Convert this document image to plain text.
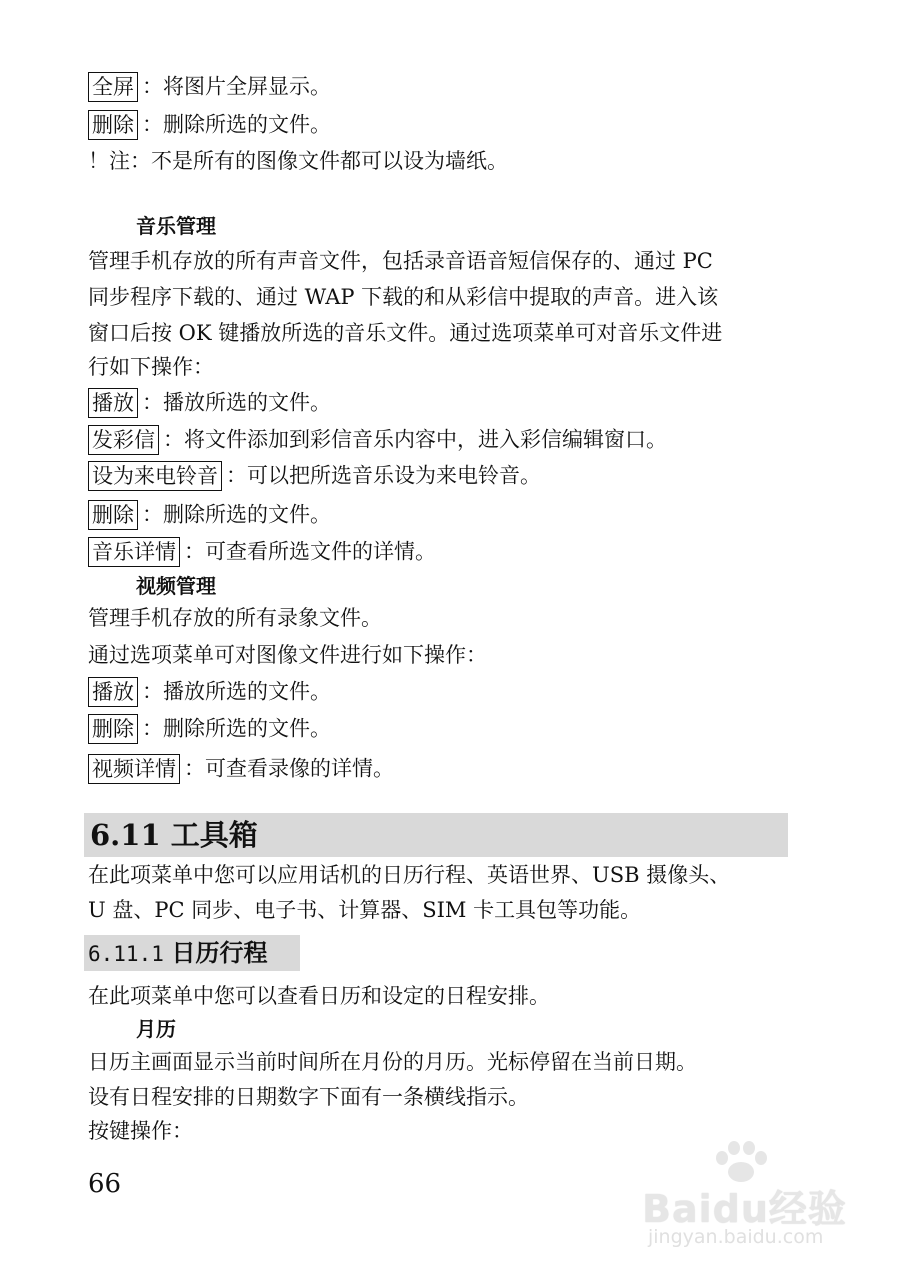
全屏 ：将图片全屏显示。
删除 ：删除所选的文件。
！注：不是所有的图像文件都可以设为墙纸。
音乐管理
管理手机存放的所有声音文件，包括录音语音短信保存的、通过 PC
同步程序下载的、通过 WAP 下载的和从彩信中提取的声音。进入该
窗口后按 OK 键播放所选的音乐文件。通过选项菜单可对音乐文件进
行如下操作：
播放 ：播放所选的文件。
发彩信 ：将文件添加到彩信音乐内容中，进入彩信编辑窗口。
设为来电铃音 ：可以把所选音乐设为来电铃音。
删除 ：删除所选的文件。
音乐详情 ：可查看所选文件的详情。
视频管理
管理手机存放的所有录象文件。
通过选项菜单可对图像文件进行如下操作：
播放 ：播放所选的文件。
删除 ：删除所选的文件。
视频详情 ：可查看录像的详情。
6.11 工具箱
在此项菜单中您可以应用话机的日历行程、英语世界、USB 摄像头、
U 盘、PC 同步、电子书、计算器、SIM 卡工具包等功能。
6.11.1 日历行程
在此项菜单中您可以查看日历和设定的日程安排。
月历
日历主画面显示当前时间所在月份的月历。光标停留在当前日期。
设有日程安排的日期数字下面有一条横线指示。
按键操作：
66
Baidu经验
jingyan.baidu.com
